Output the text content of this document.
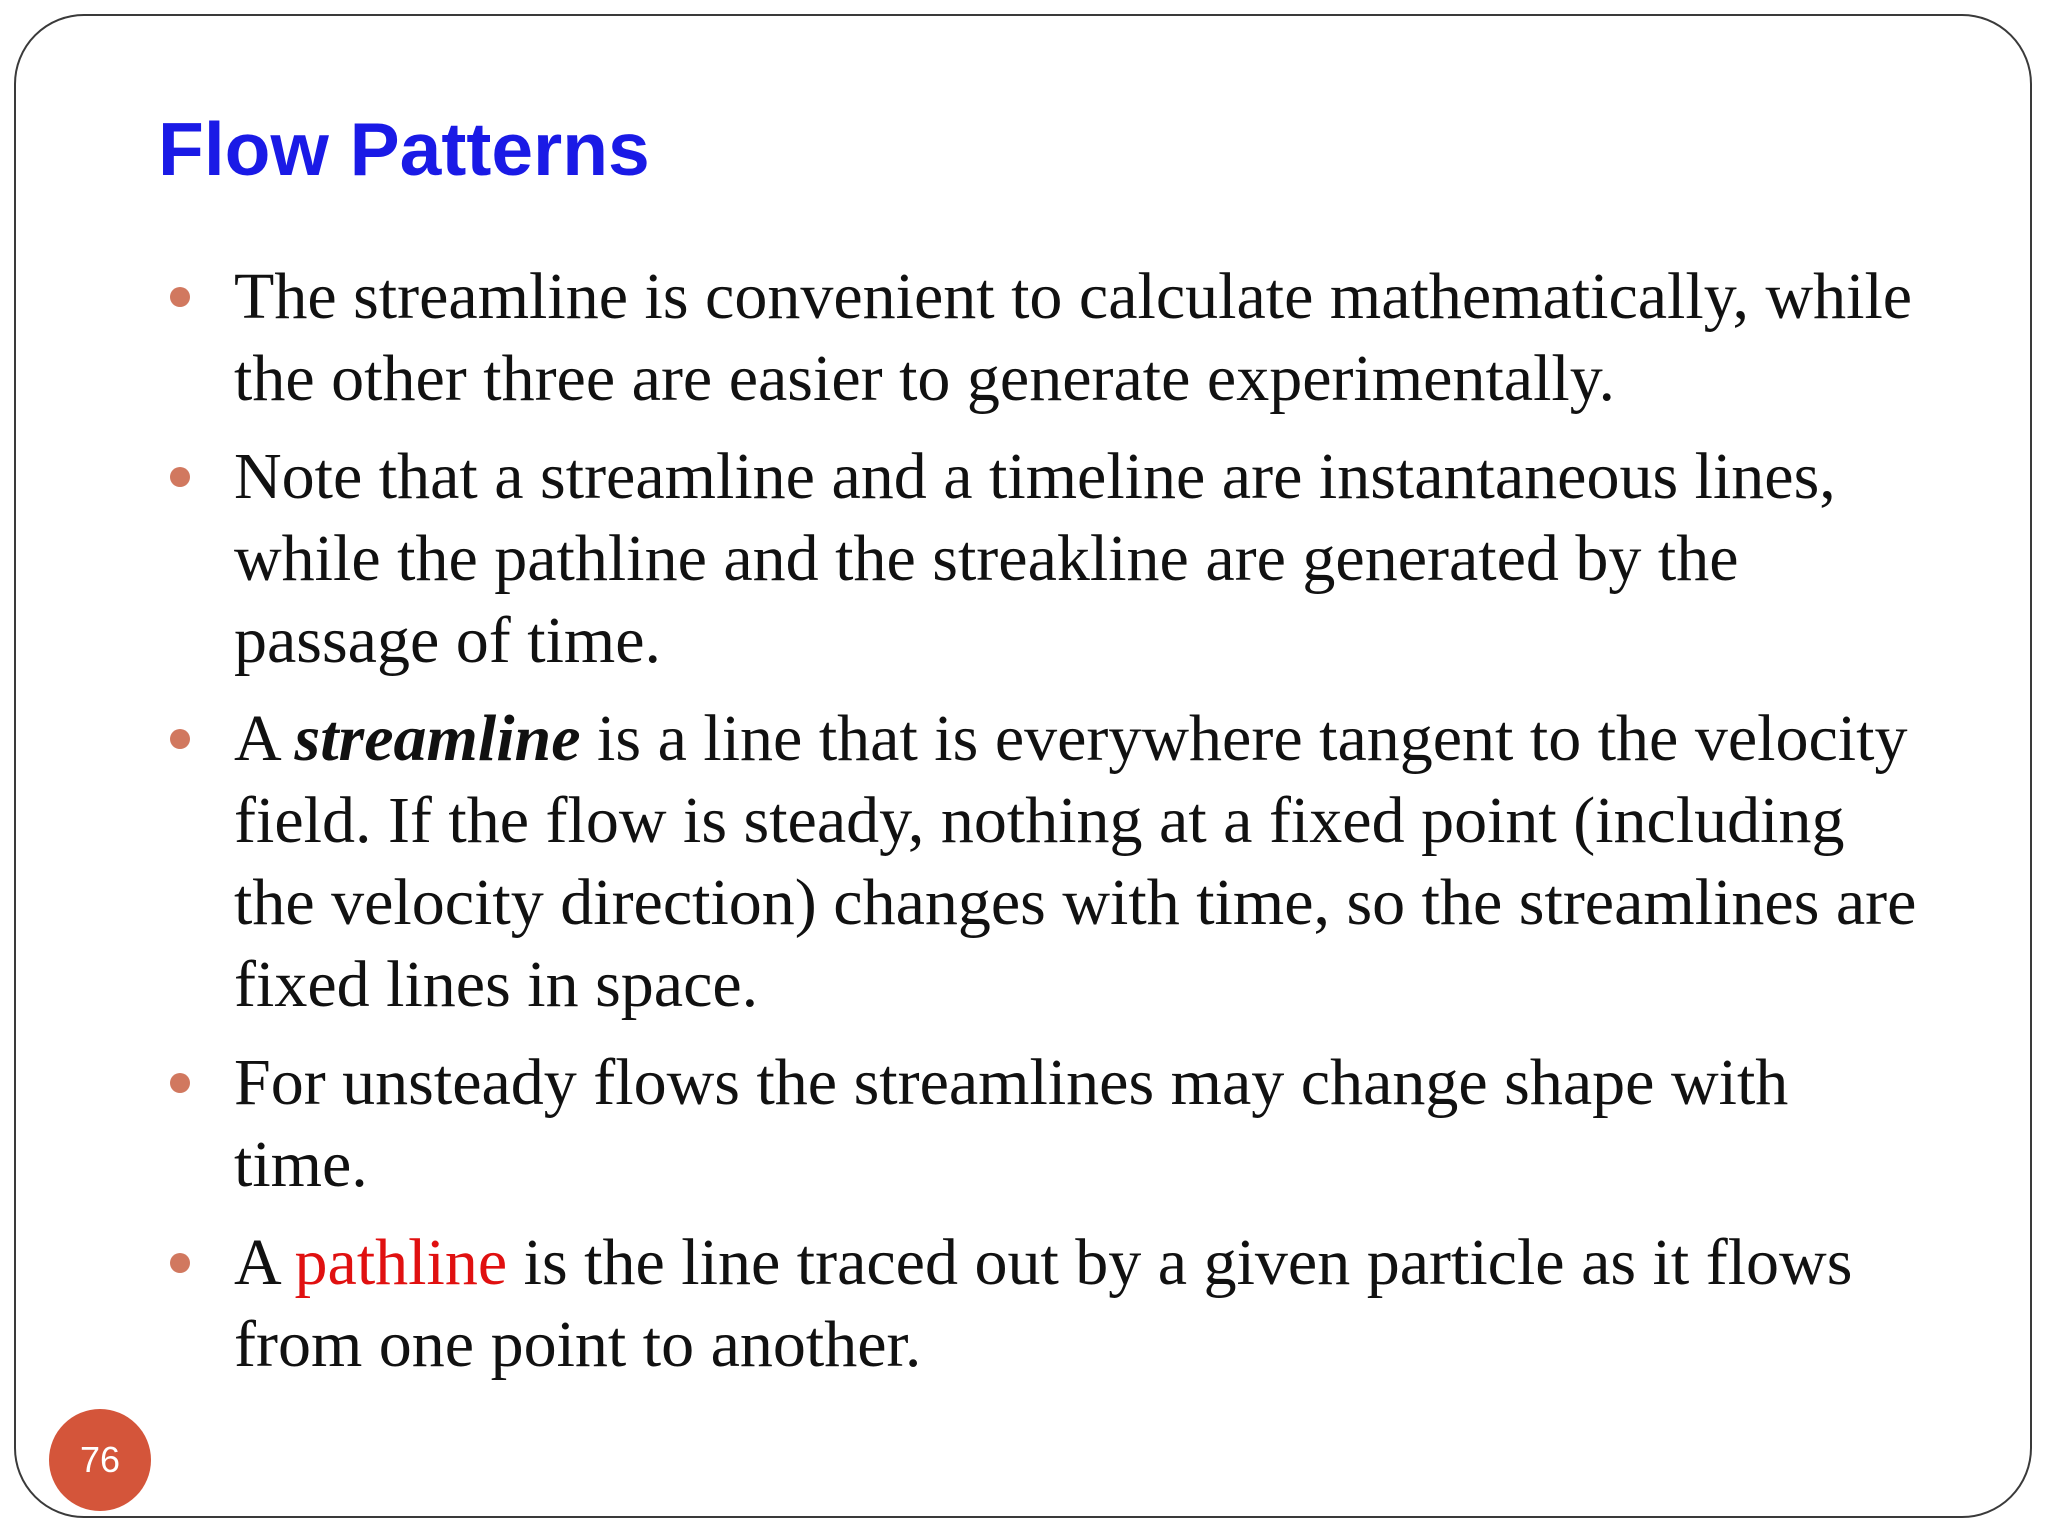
Flow Patterns
The streamline is convenient to calculate mathematically, while the other three are easier to generate experimentally.
Note that a streamline and a timeline are instantaneous lines, while the pathline and the streakline are generated by the passage of time.
A streamline is a line that is everywhere tangent to the velocity field. If the flow is steady, nothing at a fixed point (including the velocity direction) changes with time, so the streamlines are fixed lines in space.
For unsteady flows the streamlines may change shape with time.
A pathline is the line traced out by a given particle as it flows from one point to another.
76
